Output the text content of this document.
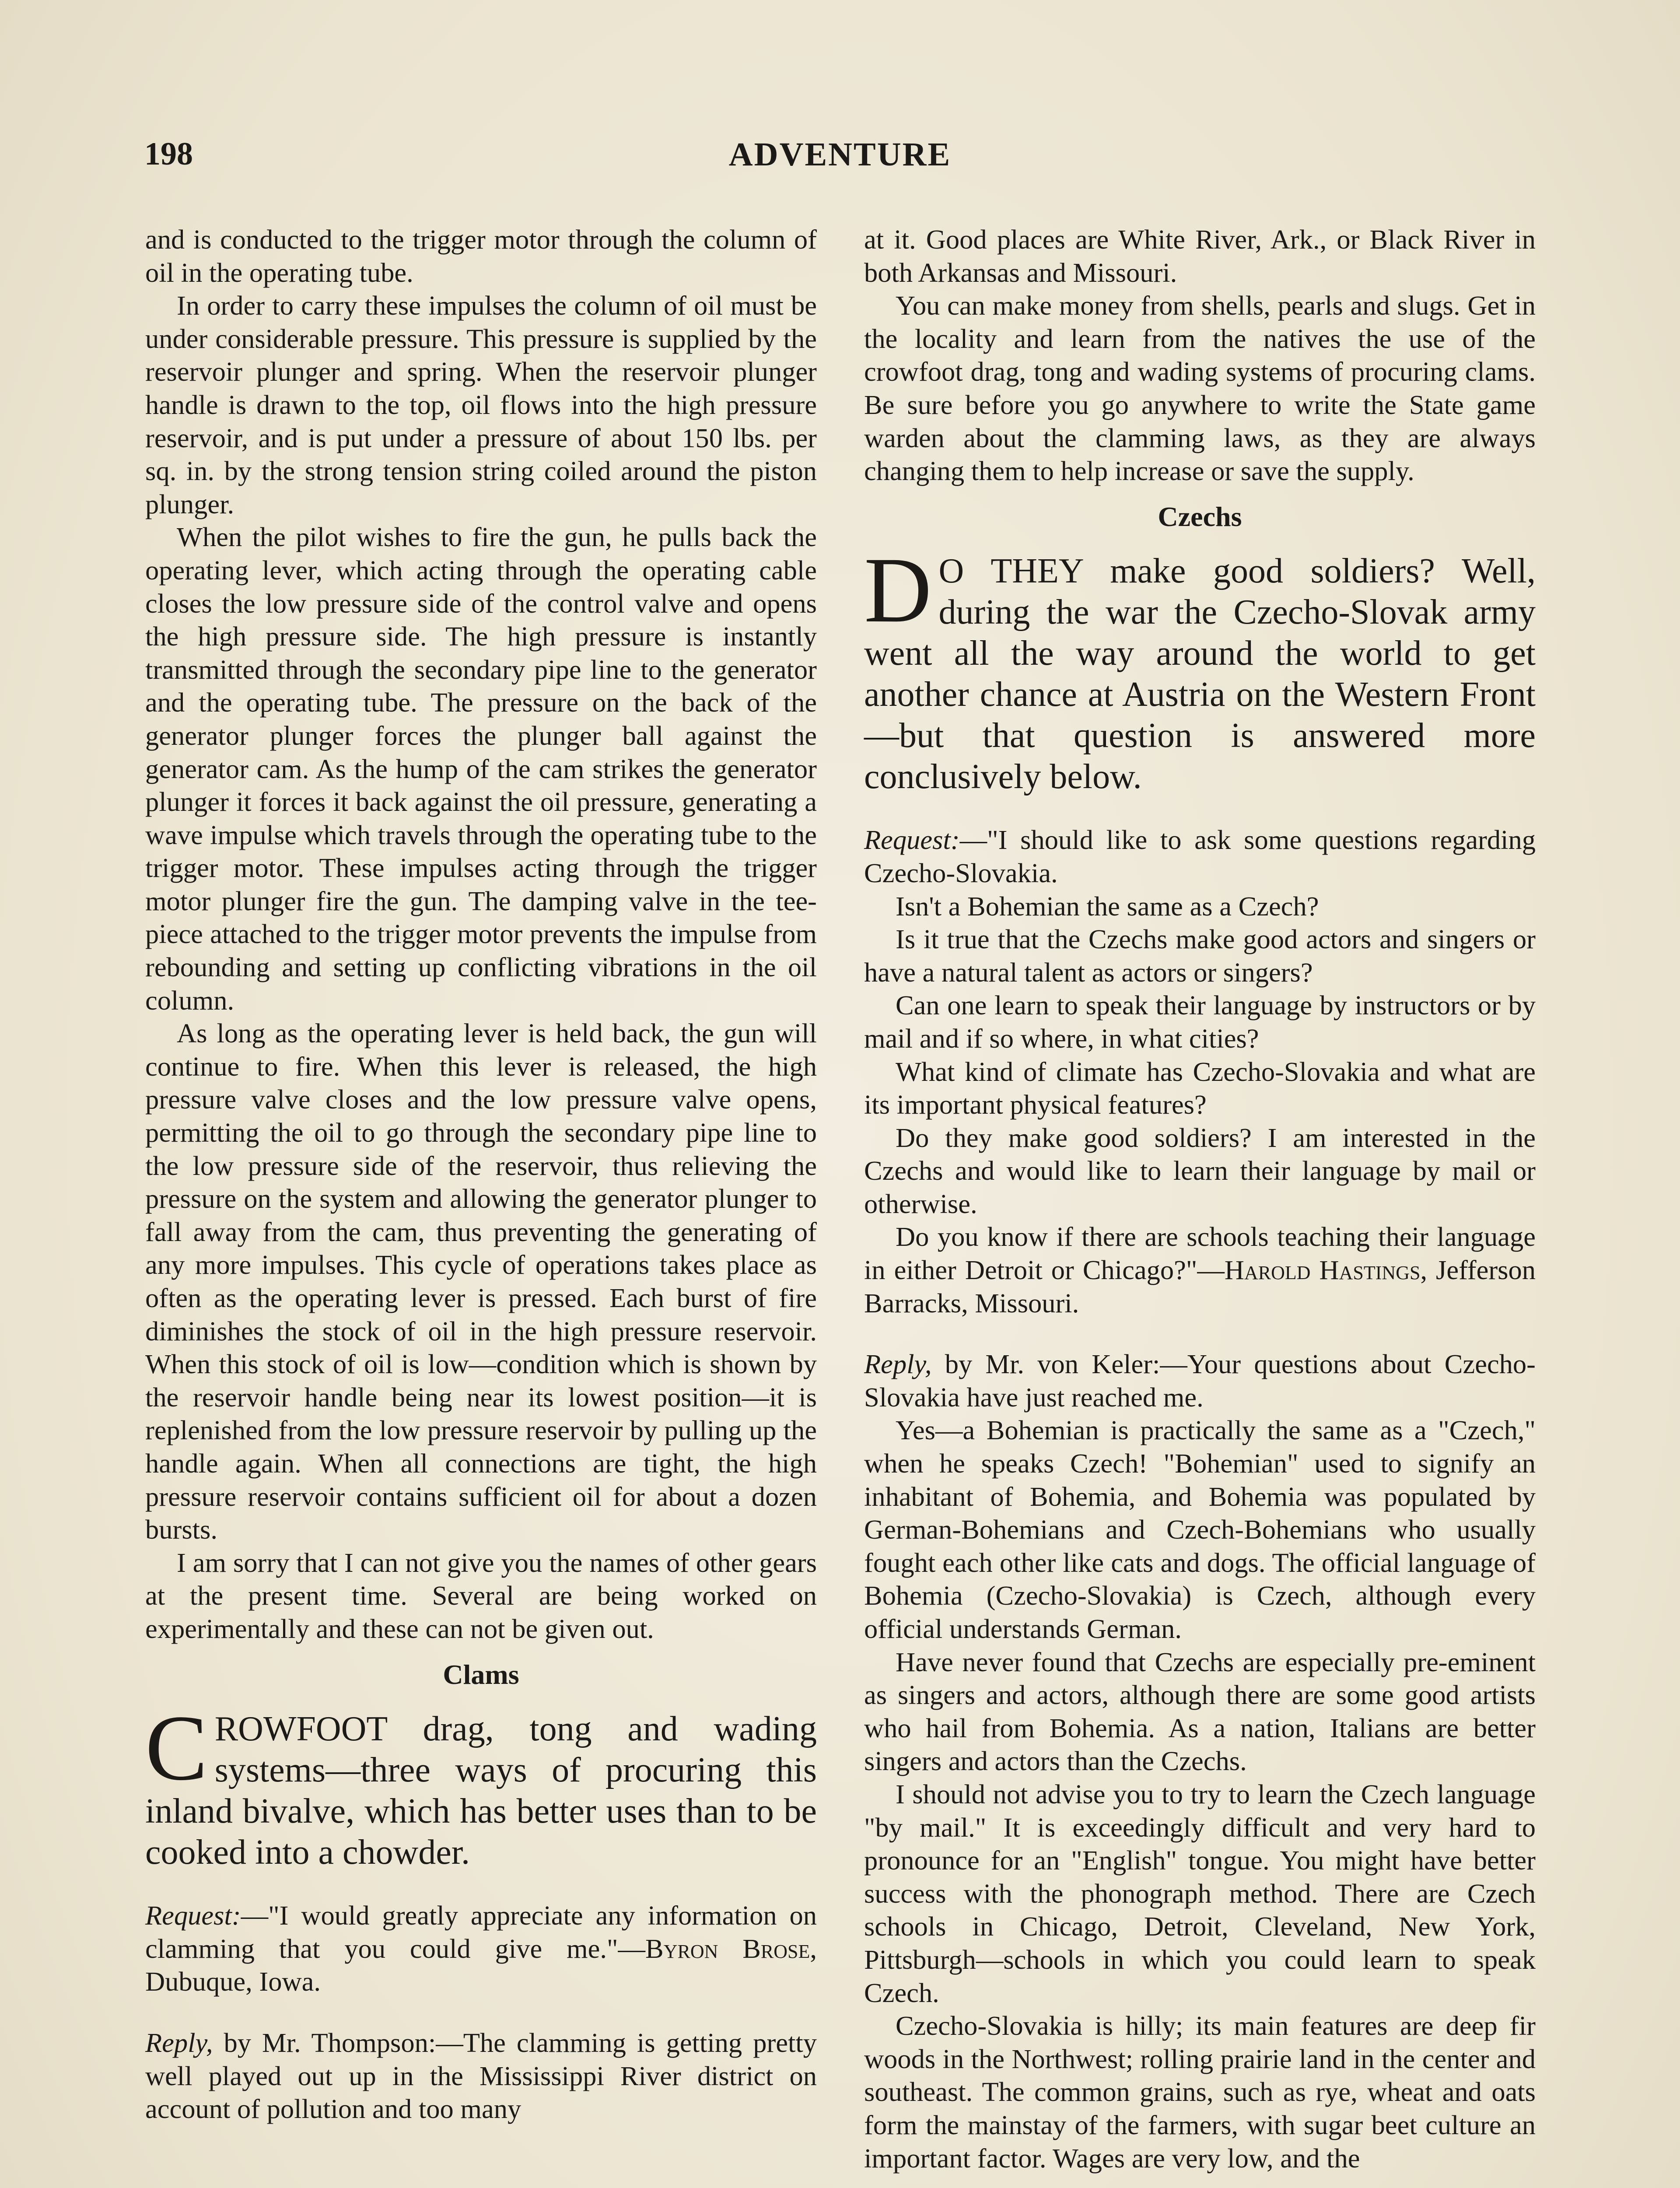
198	ADVENTURE

and is conducted to the trigger motor through the column of oil in the operating tube.

In order to carry these impulses the column of oil must be under considerable pressure. This pressure is supplied by the reservoir plunger and spring. When the reservoir plunger handle is drawn to the top, oil flows into the high pressure reservoir, and is put under a pressure of about 150 lbs. per sq. in. by the strong tension string coiled around the piston plunger.

When the pilot wishes to fire the gun, he pulls back the operating lever, which acting through the operating cable closes the low pressure side of the control valve and opens the high pressure side. The high pressure is instantly transmitted through the secondary pipe line to the generator and the operating tube. The pressure on the back of the generator plunger forces the plunger ball against the generator cam. As the hump of the cam strikes the generator plunger it forces it back against the oil pressure, generating a wave impulse which travels through the operating tube to the trigger motor. These impulses acting through the trigger motor plunger fire the gun. The damping valve in the tee-piece attached to the trigger motor prevents the impulse from rebounding and setting up conflicting vibrations in the oil column.

As long as the operating lever is held back, the gun will continue to fire. When this lever is released, the high pressure valve closes and the low pressure valve opens, permitting the oil to go through the secondary pipe line to the low pressure side of the reservoir, thus relieving the pressure on the system and allowing the generator plunger to fall away from the cam, thus preventing the generating of any more impulses. This cycle of operations takes place as often as the operating lever is pressed. Each burst of fire diminishes the stock of oil in the high pressure reservoir. When this stock of oil is low—condition which is shown by the reservoir handle being near its lowest position—it is replenished from the low pressure reservoir by pulling up the handle again. When all connections are tight, the high pressure reservoir contains sufficient oil for about a dozen bursts.

I am sorry that I can not give you the names of other gears at the present time. Several are being worked on experimentally and these can not be given out.

Clams

CROWFOOT drag, tong and wading systems—three ways of procuring this inland bivalve, which has better uses than to be cooked into a chowder.

Request:—"I would greatly appreciate any information on clamming that you could give me."—Byron Brose, Dubuque, Iowa.

Reply, by Mr. Thompson:—The clamming is getting pretty well played out up in the Mississippi River district on account of pollution and too many

at it. Good places are White River, Ark., or Black River in both Arkansas and Missouri.

You can make money from shells, pearls and slugs. Get in the locality and learn from the natives the use of the crowfoot drag, tong and wading systems of procuring clams. Be sure before you go anywhere to write the State game warden about the clamming laws, as they are always changing them to help increase or save the supply.

Czechs

D O THEY make good soldiers? Well, during the war the Czecho-Slovak army went all the way around the world to get another chance at Austria on the Western Front—but that question is answered more conclusively below.

Request:—"I should like to ask some questions regarding Czecho-Slovakia.

Isn't a Bohemian the same as a Czech?

Is it true that the Czechs make good actors and singers or have a natural talent as actors or singers?

Can one learn to speak their language by instructors or by mail and if so where, in what cities?

What kind of climate has Czecho-Slovakia and what are its important physical features?

Do they make good soldiers? I am interested in the Czechs and would like to learn their language by mail or otherwise.

Do you know if there are schools teaching their language in either Detroit or Chicago?"—Harold Hastings, Jefferson Barracks, Missouri.

Reply, by Mr. von Keler:—Your questions about Czecho-Slovakia have just reached me.

Yes—a Bohemian is practically the same as a "Czech," when he speaks Czech! "Bohemian" used to signify an inhabitant of Bohemia, and Bohemia was populated by German-Bohemians and Czech-Bohemians who usually fought each other like cats and dogs. The official language of Bohemia (Czecho-Slovakia) is Czech, although every official understands German.

Have never found that Czechs are especially pre-eminent as singers and actors, although there are some good artists who hail from Bohemia. As a nation, Italians are better singers and actors than the Czechs.

I should not advise you to try to learn the Czech language "by mail." It is exceedingly difficult and very hard to pronounce for an "English" tongue. You might have better success with the phonograph method. There are Czech schools in Chicago, Detroit, Cleveland, New York, Pittsburgh—schools in which you could learn to speak Czech.

Czecho-Slovakia is hilly; its main features are deep fir woods in the Northwest; rolling prairie land in the center and southeast. The common grains, such as rye, wheat and oats form the mainstay of the farmers, with sugar beet culture an important factor. Wages are very low, and the
